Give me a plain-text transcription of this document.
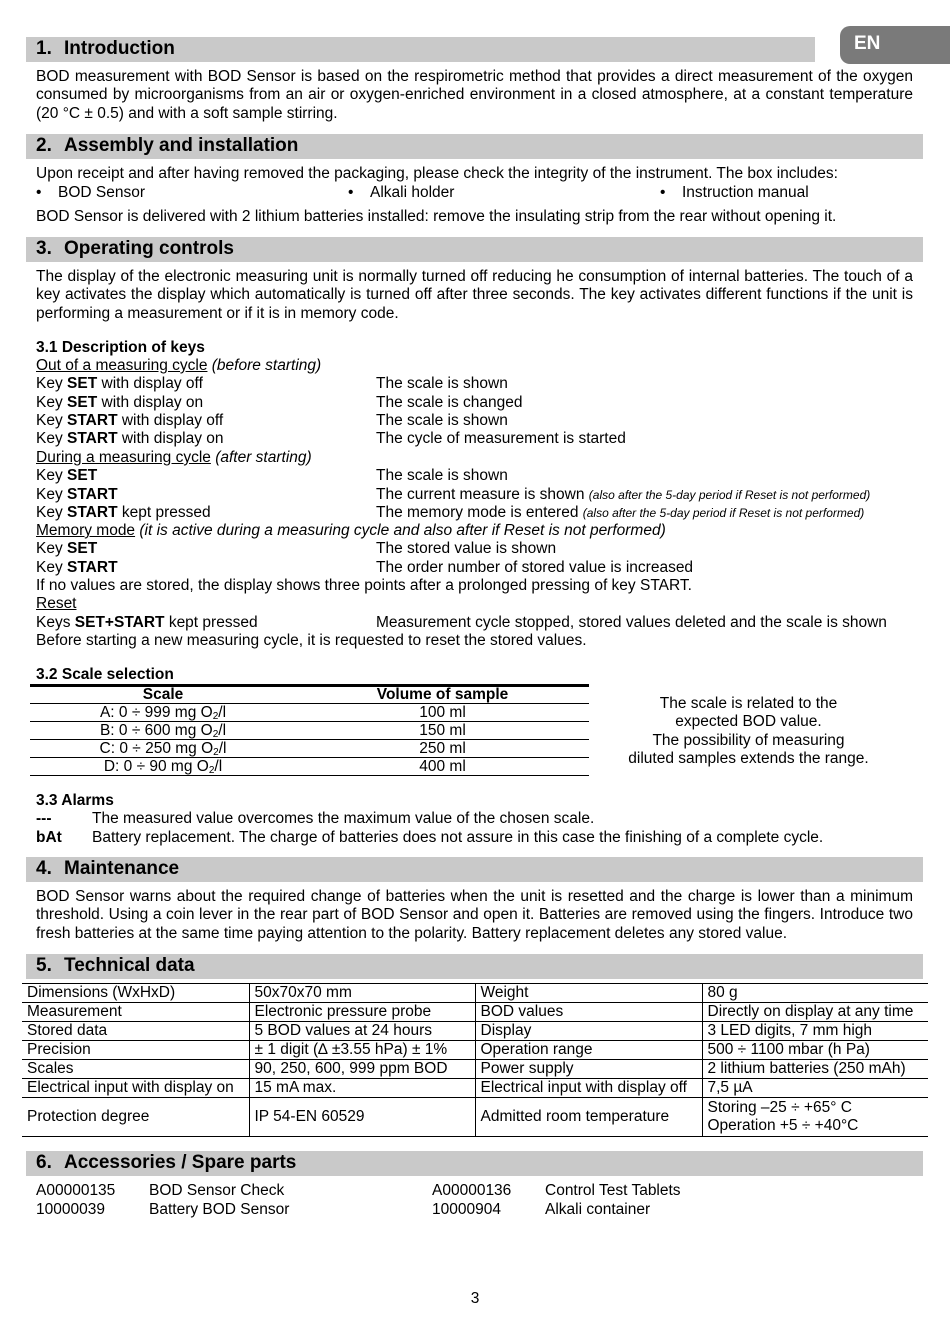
EN
1. Introduction
BOD measurement with BOD Sensor is based on the respirometric method that provides a direct measurement of the oxygen consumed by microorganisms from an air or oxygen-enriched environment in a closed atmosphere, at a constant temperature (20 °C ± 0.5) and with a soft sample stirring.
2. Assembly and installation
Upon receipt and after having removed the packaging, please check the integrity of the instrument. The box includes:
• BOD Sensor	• Alkali holder	• Instruction manual
BOD Sensor is delivered with 2 lithium batteries installed: remove the insulating strip from the rear without opening it.
3. Operating controls
The display of the electronic measuring unit is normally turned off reducing he consumption of internal batteries. The touch of a key activates the display which automatically is turned off after three seconds. The key activates different functions if the unit is performing a measurement or if it is in memory code.
3.1 Description of keys
Out of a measuring cycle (before starting)
Key SET with display off	The scale is shown
Key SET with display on	The scale is changed
Key START with display off	The scale is shown
Key START with display on	The cycle of measurement is started
During a measuring cycle (after starting)
Key SET	The scale is shown
Key START	The current measure is shown (also after the 5-day period if Reset is not performed)
Key START kept pressed	The memory mode is entered (also after the 5-day period if Reset is not performed)
Memory mode (it is active during a measuring cycle and also after if Reset is not performed)
Key SET	The stored value is shown
Key START	The order number of stored value is increased
If no values are stored, the display shows three points after a prolonged pressing of key START.
Reset
Keys SET+START kept pressed	Measurement cycle stopped, stored values deleted and the scale is shown
Before starting a new measuring cycle, it is requested to reset the stored values.
3.2 Scale selection
Scale	Volume of sample
A: 0 ÷ 999 mg $O_2/l$	100 ml
B: 0 ÷ 600 mg $O_2/l$	150 ml
C: 0 ÷ 250 mg $O_2/l$	250 ml
D: 0 ÷ 90 mg $O_2/l$	400 ml
The scale is related to the
expected BOD value.
The possibility of measuring
diluted samples extends the range.
3.3 Alarms
---	The measured value overcomes the maximum value of the chosen scale.
bAt Battery replacement. The charge of batteries does not assure in this case the finishing of a complete cycle.
4. Maintenance
BOD Sensor warns about the required change of batteries when the unit is resetted and the charge is lower than a minimum threshold. Using a coin lever in the rear part of BOD Sensor and open it. Batteries are removed using the fingers. Introduce two fresh batteries at the same time paying attention to the polarity. Battery replacement deletes any stored value.
5. Technical data
Dimensions (WxHxD)	50x70x70 mm	Weight	80 g
Measurement	Electronic pressure probe	BOD values	Directly on display at any time
Stored data	5 BOD values at 24 hours	Display	3 LED digits, 7 mm high
Precision	± 1 digit (∆ ±3.55 hPa) ± 1%	Operation range	500 ÷ 1100 mbar (h Pa)
Scales	90, 250, 600, 999 ppm BOD	Power supply	2 lithium batteries (250 mAh)
Electrical input with display on	15 mA max.	Electrical input with display off	7,5 µA
Protection degree	IP 54-EN 60529	Admitted room temperature	Storing –25 ÷ +65° C
Operation +5 ÷ +40°C
6. Accessories / Spare parts
A00000135 BOD Sensor Check	A00000136 Control Test Tablets
10000039	Battery BOD Sensor	10000904	Alkali container
3
